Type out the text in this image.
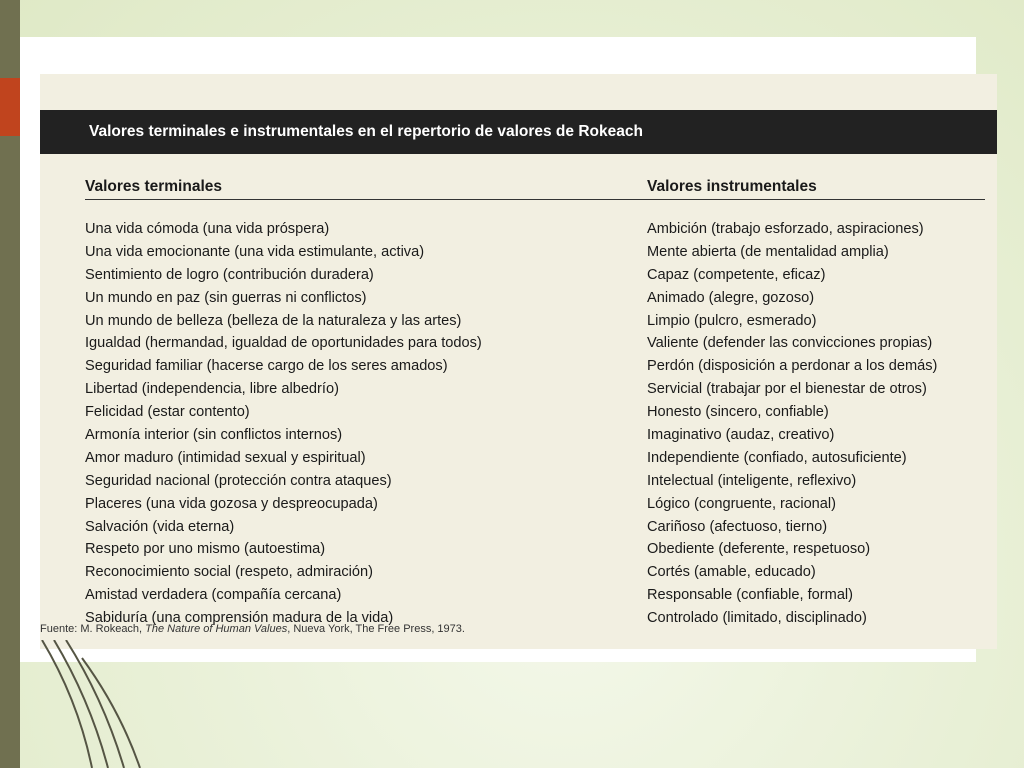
Valores terminales e instrumentales en el repertorio de valores de Rokeach
Valores terminales	Valores instrumentales
Una vida cómoda (una vida próspera)
Una vida emocionante (una vida estimulante, activa)
Sentimiento de logro (contribución duradera)
Un mundo en paz (sin guerras ni conflictos)
Un mundo de belleza (belleza de la naturaleza y las artes)
Igualdad (hermandad, igualdad de oportunidades para todos)
Seguridad familiar (hacerse cargo de los seres amados)
Libertad (independencia, libre albedrío)
Felicidad (estar contento)
Armonía interior (sin conflictos internos)
Amor maduro (intimidad sexual y espiritual)
Seguridad nacional (protección contra ataques)
Placeres (una vida gozosa y despreocupada)
Salvación (vida eterna)
Respeto por uno mismo (autoestima)
Reconocimiento social (respeto, admiración)
Amistad verdadera (compañía cercana)
Sabiduría (una comprensión madura de la vida)
Ambición (trabajo esforzado, aspiraciones)
Mente abierta (de mentalidad amplia)
Capaz (competente, eficaz)
Animado (alegre, gozoso)
Limpio (pulcro, esmerado)
Valiente (defender las convicciones propias)
Perdón (disposición a perdonar a los demás)
Servicial (trabajar por el bienestar de otros)
Honesto (sincero, confiable)
Imaginativo (audaz, creativo)
Independiente (confiado, autosuficiente)
Intelectual (inteligente, reflexivo)
Lógico (congruente, racional)
Cariñoso (afectuoso, tierno)
Obediente (deferente, respetuoso)
Cortés (amable, educado)
Responsable (confiable, formal)
Controlado (limitado, disciplinado)
Fuente: M. Rokeach, The Nature of Human Values, Nueva York, The Free Press, 1973.
